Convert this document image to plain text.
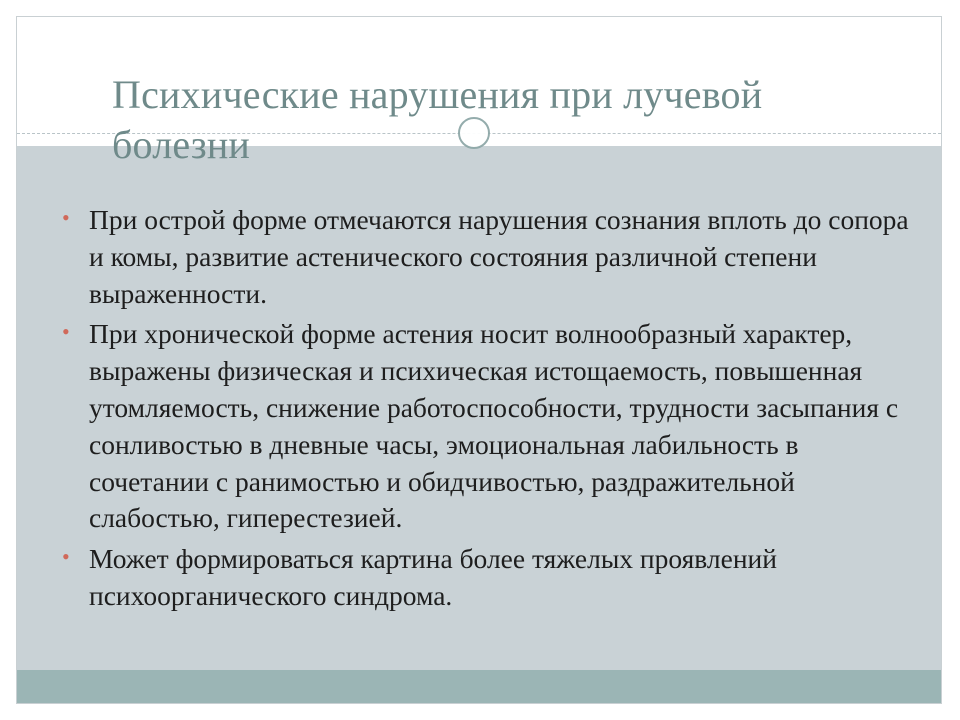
Психические нарушения при лучевой болезни
• При острой форме отмечаются нарушения сознания вплоть до сопора и комы, развитие астенического состояния различной степени выраженности.
• При хронической форме астения носит волнообразный характер, выражены физическая и психическая истощаемость, повышенная утомляемость, снижение работоспособности, трудности засыпания с сонливостью в дневные часы, эмоциональная лабильность в сочетании с ранимостью и обидчивостью, раздражительной слабостью, гиперестезией.
• Может формироваться картина более тяжелых проявлений психоорганического синдрома.
